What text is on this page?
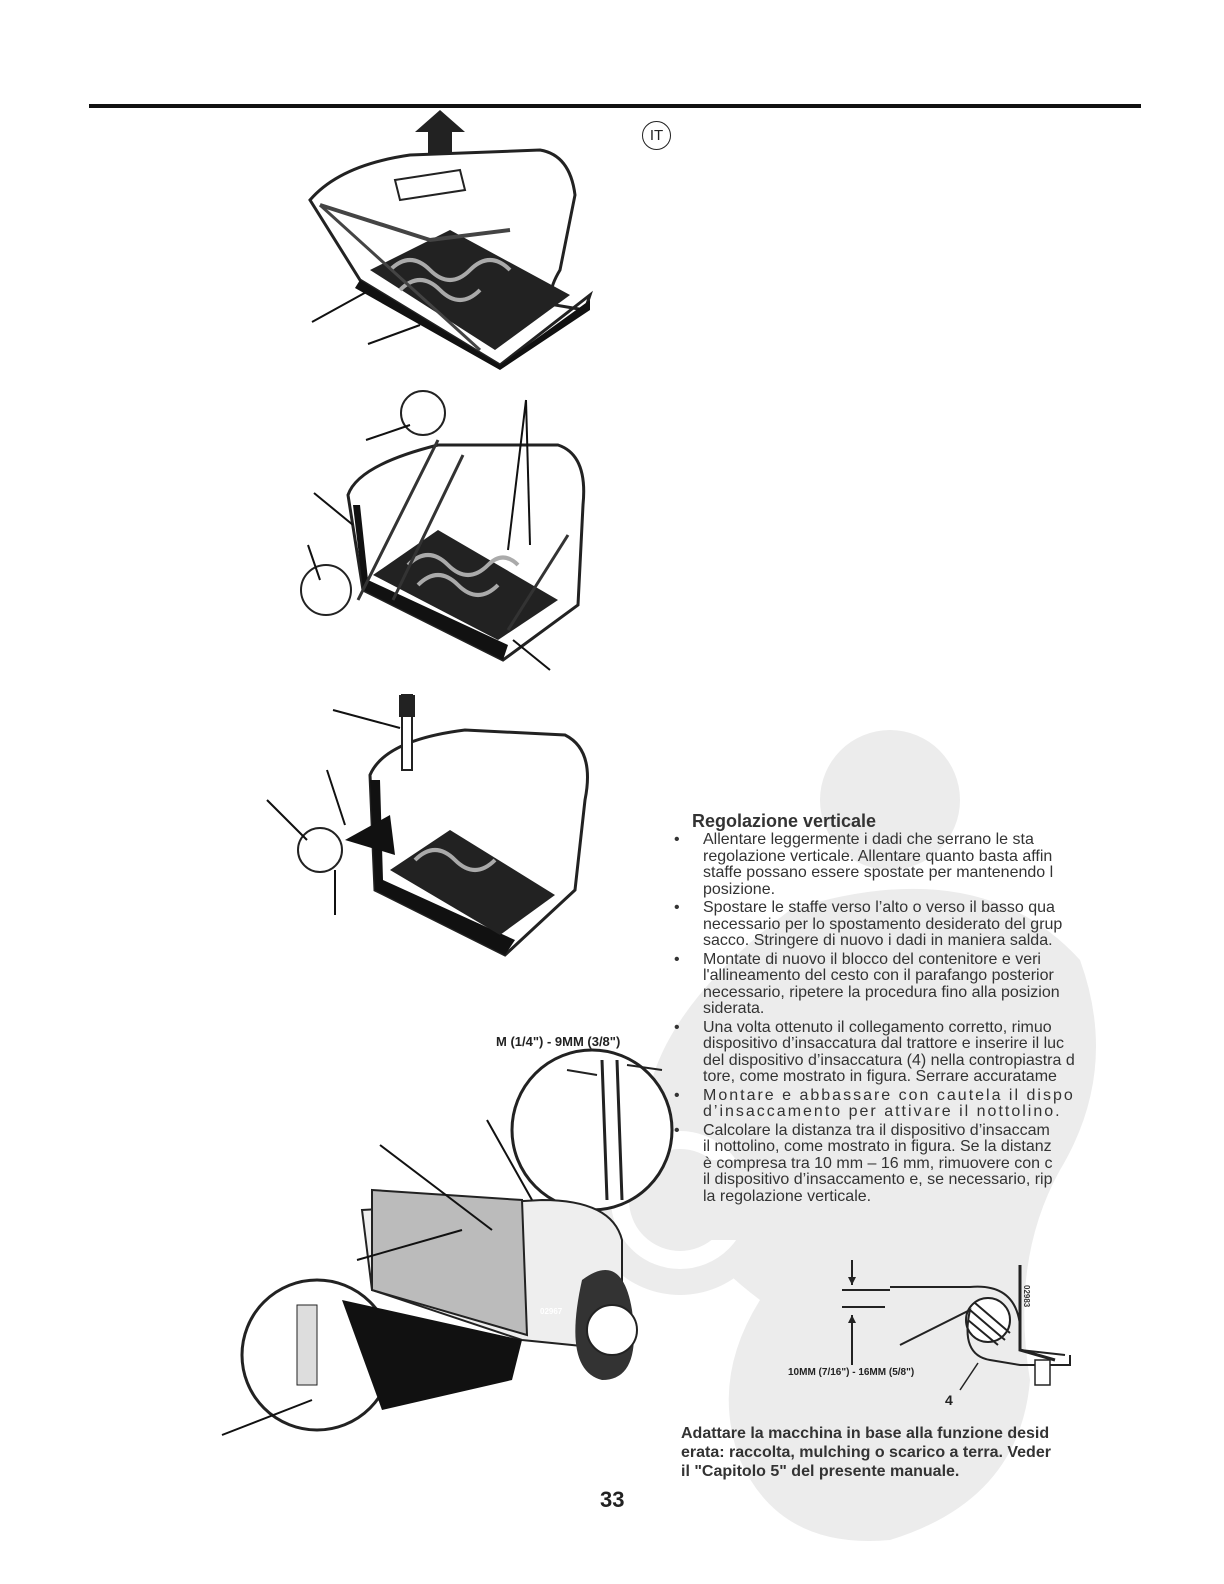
IT
M (1/4") - 9MM (3/8")
02967
02983
10MM (7/16") - 16MM (5/8")
4
Regolazione verticale
• Allentare leggermente i dadi che serrano le sta
regolazione verticale. Allentare quanto basta affin
staffe possano essere spostate per mantenendo l
posizione.
• Spostare le staffe verso l’alto o verso il basso qua
necessario per lo spostamento desiderato del grup
sacco. Stringere di nuovo i dadi in maniera salda.
• Montate di nuovo il blocco del contenitore e veri
l'allineamento del cesto con il parafango posterior
necessario, ripetere la procedura fino alla posizion
siderata.
• Una volta ottenuto il collegamento corretto, rimuo
dispositivo d’insaccatura dal trattore e inserire il luc
del dispositivo d’insaccatura (4) nella contropiastra d
tore, come mostrato in figura. Serrare accuratame
• Montare e abbassare con cautela il dispo
d’insaccamento per attivare il nottolino.
• Calcolare la distanza tra il dispositivo d’insaccam
il nottolino, come mostrato in figura. Se la distanz
è compresa tra 10 mm – 16 mm, rimuovere con c
il dispositivo d’insaccamento e, se necessario, rip
la regolazione verticale.
Adattare la macchina in base alla funzione desid
erata: raccolta, mulching o scarico a terra. Veder
il "Capitolo 5" del presente manuale.
33
